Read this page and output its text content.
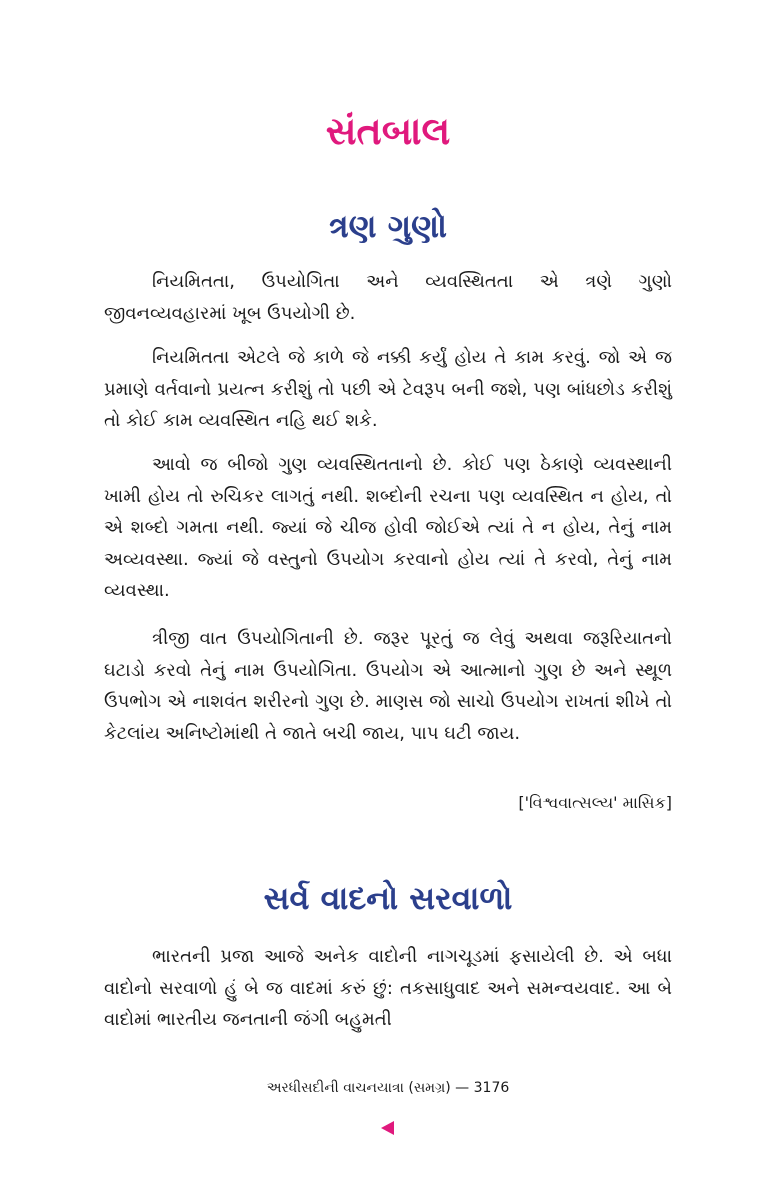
સંતબાલ
ત્રણ ગુણો

નિયમિતતા, ઉપયોગિતા અને વ્યવસ્થિતતા એ ત્રણે ગુણો જીવનવ્યવહારમાં ખૂબ ઉપયોગી છે.

નિયમિતતા એટલે જે કાળે જે નક્કી કર્યું હોય તે કામ કરવું. જો એ જ પ્રમાણે વર્તવાનો પ્રયત્ન કરીશું તો પછી એ ટેવરૂપ બની જશે, પણ બાંધછોડ કરીશું તો કોઈ કામ વ્યવસ્થિત નહિ થઈ શકે.

આવો જ બીજો ગુણ વ્યવસ્થિતતાનો છે. કોઈ પણ ઠેકાણે વ્યવસ્થાની ખામી હોય તો રુચિકર લાગતું નથી. શબ્દોની રચના પણ વ્યવસ્થિત ન હોય, તો એ શબ્દો ગમતા નથી. જ્યાં જે ચીજ હોવી જોઈએ ત્યાં તે ન હોય, તેનું નામ અવ્યવસ્થા. જ્યાં જે વસ્તુનો ઉપયોગ કરવાનો હોય ત્યાં તે કરવો, તેનું નામ વ્યવસ્થા.

ત્રીજી વાત ઉપયોગિતાની છે. જરૂર પૂરતું જ લેવું અથવા જરૂરિયાતનો ઘટાડો કરવો તેનું નામ ઉપયોગિતા. ઉપયોગ એ આત્માનો ગુણ છે અને સ્થૂળ ઉપભોગ એ નાશવંત શરીરનો ગુણ છે. માણસ જો સાચો ઉપયોગ રાખતાં શીખે તો કેટલાંય અનિષ્ટોમાંથી તે જાતે બચી જાય, પાપ ઘટી જાય.

['વિશ્વવાત્સલ્ય' માસિક]
સર્વ વાદનો સરવાળો

ભારતની પ્રજા આજે અનેક વાદોની નાગચૂડમાં ફસાયેલી છે. એ બધા વાદોનો સરવાળો હું બે જ વાદમાં કરું છું: તકસાધુવાદ અને સમન્વયવાદ. આ બે વાદોમાં ભારતીય જનતાની જંગી બહુમતી

અરધીસદીની વાચનયાત્રા (સમગ્ર) — 3176
